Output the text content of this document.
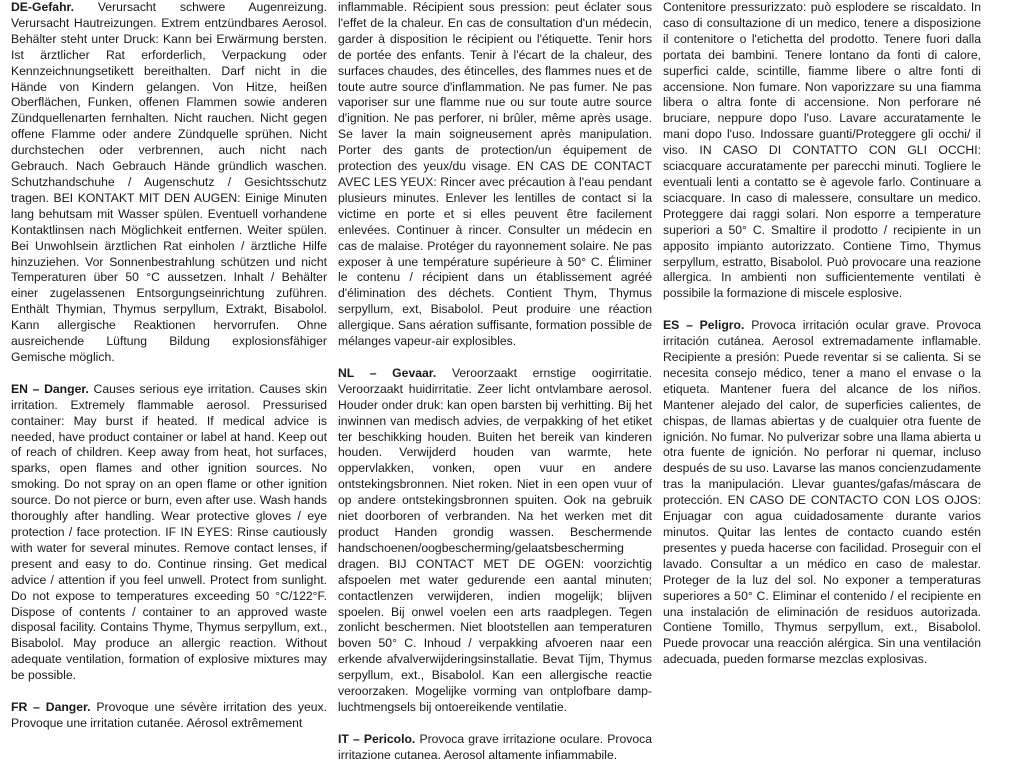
DE-Gefahr. Verursacht schwere Augenreizung. Verursacht Hautreizungen. Extrem entzündbares Aerosol. Behälter steht unter Druck: Kann bei Erwärmung bersten. Ist ärztlicher Rat erforderlich, Verpackung oder Kennzeichnungsetikett bereithalten. Darf nicht in die Hände von Kindern gelangen. Von Hitze, heißen Oberflächen, Funken, offenen Flammen sowie anderen Zündquellenarten fernhalten. Nicht rauchen. Nicht gegen offene Flamme oder andere Zündquelle sprühen. Nicht durchstechen oder verbrennen, auch nicht nach Gebrauch. Nach Gebrauch Hände gründlich waschen. Schutzhandschuhe / Augenschutz / Gesichtsschutz tragen. BEI KONTAKT MIT DEN AUGEN: Einige Minuten lang behutsam mit Wasser spülen. Eventuell vorhandene Kontaktlinsen nach Möglichkeit entfernen. Weiter spülen. Bei Unwohlsein ärztlichen Rat einholen / ärztliche Hilfe hinzuziehen. Vor Sonnenbestrahlung schützen und nicht Temperaturen über 50 °C aussetzen. Inhalt / Behälter einer zugelassenen Entsorgungseinrichtung zuführen. Enthält Thymian, Thymus serpyllum, Extrakt, Bisabolol. Kann allergische Reaktionen hervorrufen. Ohne ausreichende Lüftung Bildung explosionsfähiger Gemische möglich.
EN – Danger. Causes serious eye irritation. Causes skin irritation. Extremely flammable aerosol. Pressurised container: May burst if heated. If medical advice is needed, have product container or label at hand. Keep out of reach of children. Keep away from heat, hot surfaces, sparks, open flames and other ignition sources. No smoking. Do not spray on an open flame or other ignition source. Do not pierce or burn, even after use. Wash hands thoroughly after handling. Wear protective gloves / eye protection / face protection. IF IN EYES: Rinse cautiously with water for several minutes. Remove contact lenses, if present and easy to do. Continue rinsing. Get medical advice / attention if you feel unwell. Protect from sunlight. Do not expose to temperatures exceeding 50 °C/122°F. Dispose of contents / container to an approved waste disposal facility. Contains Thyme, Thymus serpyllum, ext., Bisabolol. May produce an allergic reaction. Without adequate ventilation, formation of explosive mixtures may be possible.
FR – Danger. Provoque une sévère irritation des yeux. Provoque une irritation cutanée. Aérosol extrêmement
inflammable. Récipient sous pression: peut éclater sous l'effet de la chaleur. En cas de consultation d'un médecin, garder à disposition le récipient ou l'étiquette. Tenir hors de portée des enfants. Tenir à l'écart de la chaleur, des surfaces chaudes, des étincelles, des flammes nues et de toute autre source d'inflammation. Ne pas fumer. Ne pas vaporiser sur une flamme nue ou sur toute autre source d'ignition. Ne pas perforer, ni brûler, même après usage. Se laver la main soigneusement après manipulation. Porter des gants de protection/un équipement de protection des yeux/du visage. EN CAS DE CONTACT AVEC LES YEUX: Rincer avec précaution à l'eau pendant plusieurs minutes. Enlever les lentilles de contact si la victime en porte et si elles peuvent être facilement enlevées. Continuer à rincer. Consulter un médecin en cas de malaise. Protéger du rayonnement solaire. Ne pas exposer à une température supérieure à 50° C. Éliminer le contenu / récipient dans un établissement agréé d'élimination des déchets. Contient Thym, Thymus serpyllum, ext, Bisabolol. Peut produire une réaction allergique. Sans aération suffisante, formation possible de mélanges vapeur-air explosibles.
NL – Gevaar. Veroorzaakt ernstige oogirritatie. Veroorzaakt huidirritatie. Zeer licht ontvlambare aerosol. Houder onder druk: kan open barsten bij verhitting. Bij het inwinnen van medisch advies, de verpakking of het etiket ter beschikking houden. Buiten het bereik van kinderen houden. Verwijderd houden van warmte, hete oppervlakken, vonken, open vuur en andere ontstekingsbronnen. Niet roken. Niet in een open vuur of op andere ontstekingsbronnen spuiten. Ook na gebruik niet doorboren of verbranden. Na het werken met dit product Handen grondig wassen. Beschermende handschoenen/oogbescherming/gelaatsbescherming dragen. BIJ CONTACT MET DE OGEN: voorzichtig afspoelen met water gedurende een aantal minuten; contactlenzen verwijderen, indien mogelijk; blijven spoelen. Bij onwel voelen een arts raadplegen. Tegen zonlicht beschermen. Niet blootstellen aan temperaturen boven 50° C. Inhoud / verpakking afvoeren naar een erkende afvalverwijderingsinstallatie. Bevat Tijm, Thymus serpyllum, ext., Bisabolol. Kan een allergische reactie veroorzaken. Mogelijke vorming van ontplofbare damp- luchtmengsels bij ontoereikende ventilatie.
IT – Pericolo. Provoca grave irritazione oculare. Provoca irritazione cutanea. Aerosol altamente infiammabile.
Contenitore pressurizzato: può esplodere se riscaldato. In caso di consultazione di un medico, tenere a disposizione il contenitore o l'etichetta del prodotto. Tenere fuori dalla portata dei bambini. Tenere lontano da fonti di calore, superfici calde, scintille, fiamme libere o altre fonti di accensione. Non fumare. Non vaporizzare su una fiamma libera o altra fonte di accensione. Non perforare né bruciare, neppure dopo l'uso. Lavare accuratamente le mani dopo l'uso. Indossare guanti/Proteggere gli occhi/ il viso. IN CASO DI CONTATTO CON GLI OCCHI: sciacquare accuratamente per parecchi minuti. Togliere le eventuali lenti a contatto se è agevole farlo. Continuare a sciacquare. In caso di malessere, consultare un medico. Proteggere dai raggi solari. Non esporre a temperature superiori a 50° C. Smaltire il prodotto / recipiente in un apposito impianto autorizzato. Contiene Timo, Thymus serpyllum, estratto, Bisabolol. Può provocare una reazione allergica. In ambienti non sufficientemente ventilati è possibile la formazione di miscele esplosive.
ES – Peligro. Provoca irritación ocular grave. Provoca irritación cutánea. Aerosol extremadamente inflamable. Recipiente a presión: Puede reventar si se calienta. Si se necesita consejo médico, tener a mano el envase o la etiqueta. Mantener fuera del alcance de los niños. Mantener alejado del calor, de superficies calientes, de chispas, de llamas abiertas y de cualquier otra fuente de ignición. No fumar. No pulverizar sobre una llama abierta u otra fuente de ignición. No perforar ni quemar, incluso después de su uso. Lavarse las manos concienzudamente tras la manipulación. Llevar guantes/gafas/máscara de protección. EN CASO DE CONTACTO CON LOS OJOS: Enjuagar con agua cuidadosamente durante varios minutos. Quitar las lentes de contacto cuando estén presentes y pueda hacerse con facilidad. Proseguir con el lavado. Consultar a un médico en caso de malestar. Proteger de la luz del sol. No exponer a temperaturas superiores a 50° C. Eliminar el contenido / el recipiente en una instalación de eliminación de residuos autorizada. Contiene Tomillo, Thymus serpyllum, ext., Bisabolol. Puede provocar una reacción alérgica. Sin una ventilación adecuada, pueden formarse mezclas explosivas.
